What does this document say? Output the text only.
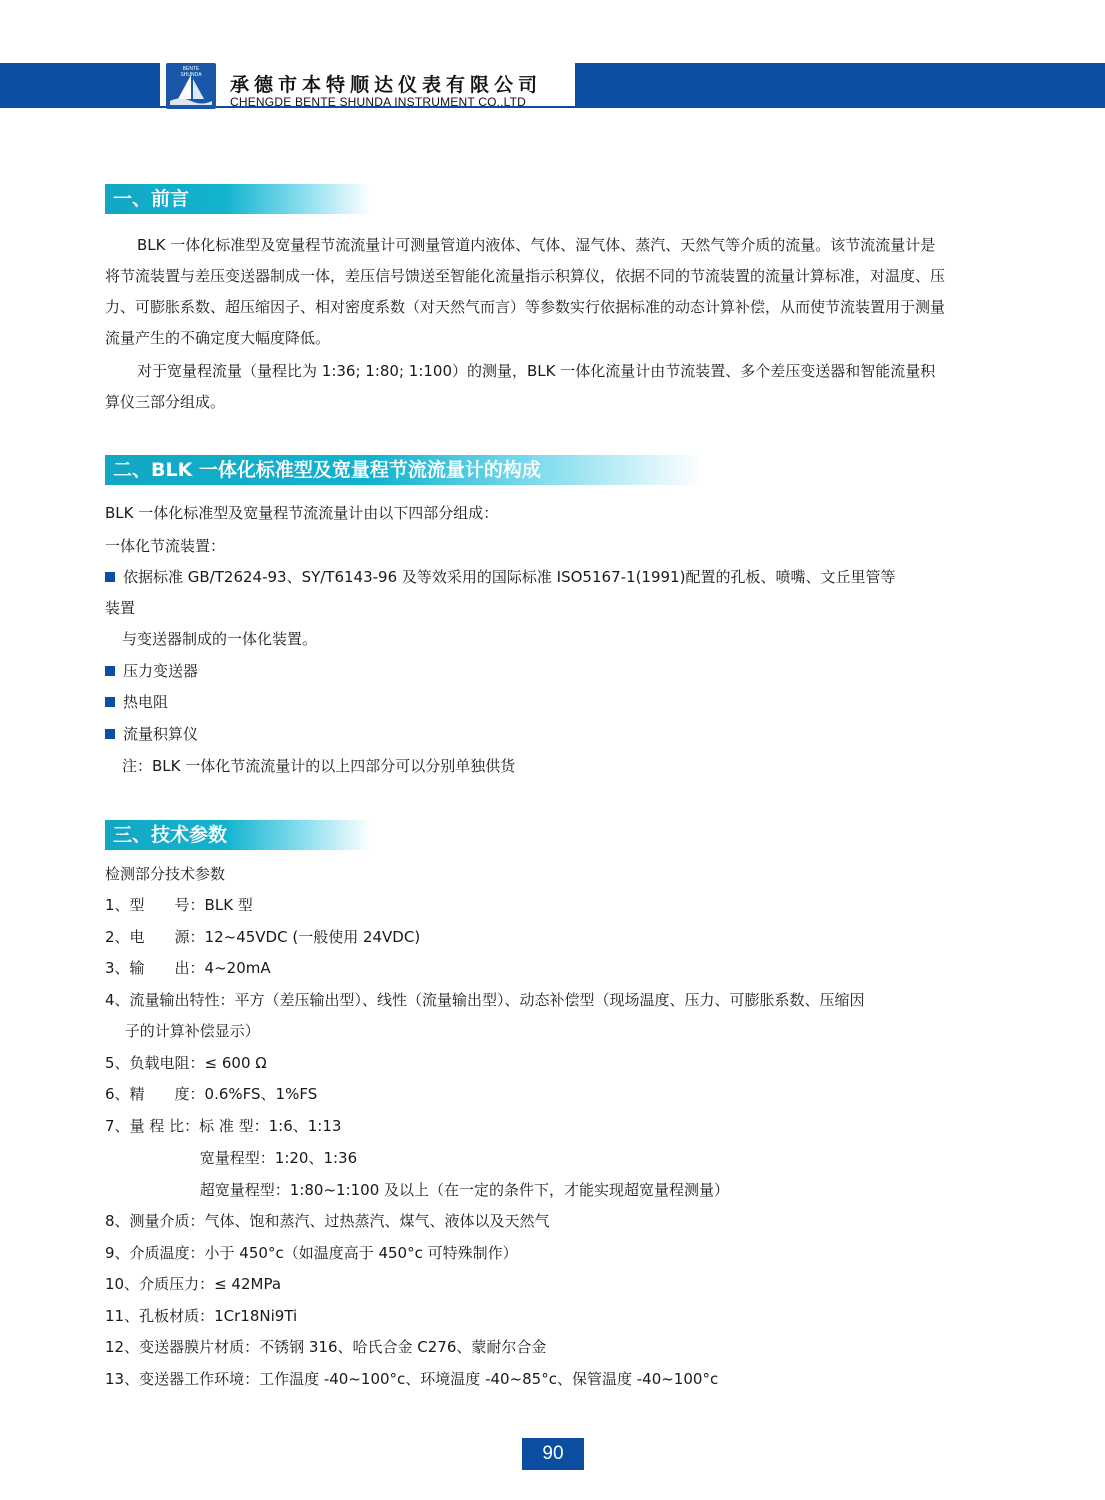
BENTE
SHUNDA	承德市本特顺达仪表有限公司
CHENGDE BENTE SHUNDA INSTRUMENT CO.,LTD
一、前言

BLK 一体化标准型及宽量程节流流量计可测量管道内液体、气体、湿气体、蒸汽、天然气等介质的流量。该节流流量计是将节流装置与差压变送器制成一体，差压信号馈送至智能化流量指示积算仪，依据不同的节流装置的流量计算标准，对温度、压力、可膨胀系数、超压缩因子、相对密度系数（对天然气而言）等参数实行依据标准的动态计算补偿，从而使节流装置用于测量流量产生的不确定度大幅度降低。

对于宽量程流量（量程比为 1:36; 1:80; 1:100）的测量，BLK 一体化流量计由节流装置、多个差压变送器和智能流量积算仪三部分组成。

二、BLK 一体化标准型及宽量程节流流量计的构成
BLK 一体化标准型及宽量程节流流量计由以下四部分组成：
一体化节流装置：
依据标准 GB/T2624-93、SY/T6143-96 及等效采用的国际标准 ISO5167-1(1991)配置的孔板、喷嘴、文丘里管等
装置
与变送器制成的一体化装置。
压力变送器
热电阻
流量积算仪
注：BLK 一体化节流流量计的以上四部分可以分别单独供货
三、技术参数
检测部分技术参数
1、型　　号：BLK 型
2、电　　源：12~45VDC (一般使用 24VDC)
3、输　　出：4~20mA
4、流量输出特性：平方（差压输出型）、线性（流量输出型）、动态补偿型（现场温度、压力、可膨胀系数、压缩因
　 子的计算补偿显示）
5、负载电阻：≤ 600 Ω
6、精　　度：0.6%FS、1%FS
7、量 程 比：标 准 型：1:6、1:13
　　　　　　 宽量程型：1:20、1:36
　　　　　　 超宽量程型：1:80~1:100 及以上（在一定的条件下，才能实现超宽量程测量）
8、测量介质：气体、饱和蒸汽、过热蒸汽、煤气、液体以及天然气
9、介质温度：小于 450°c（如温度高于 450°c 可特殊制作）
10、介质压力：≤ 42MPa
11、孔板材质：1Cr18Ni9Ti
12、变送器膜片材质：不锈钢 316、哈氏合金 C276、蒙耐尔合金
13、变送器工作环境：工作温度 -40~100°c、环境温度 -40~85°c、保管温度 -40~100°c
90
